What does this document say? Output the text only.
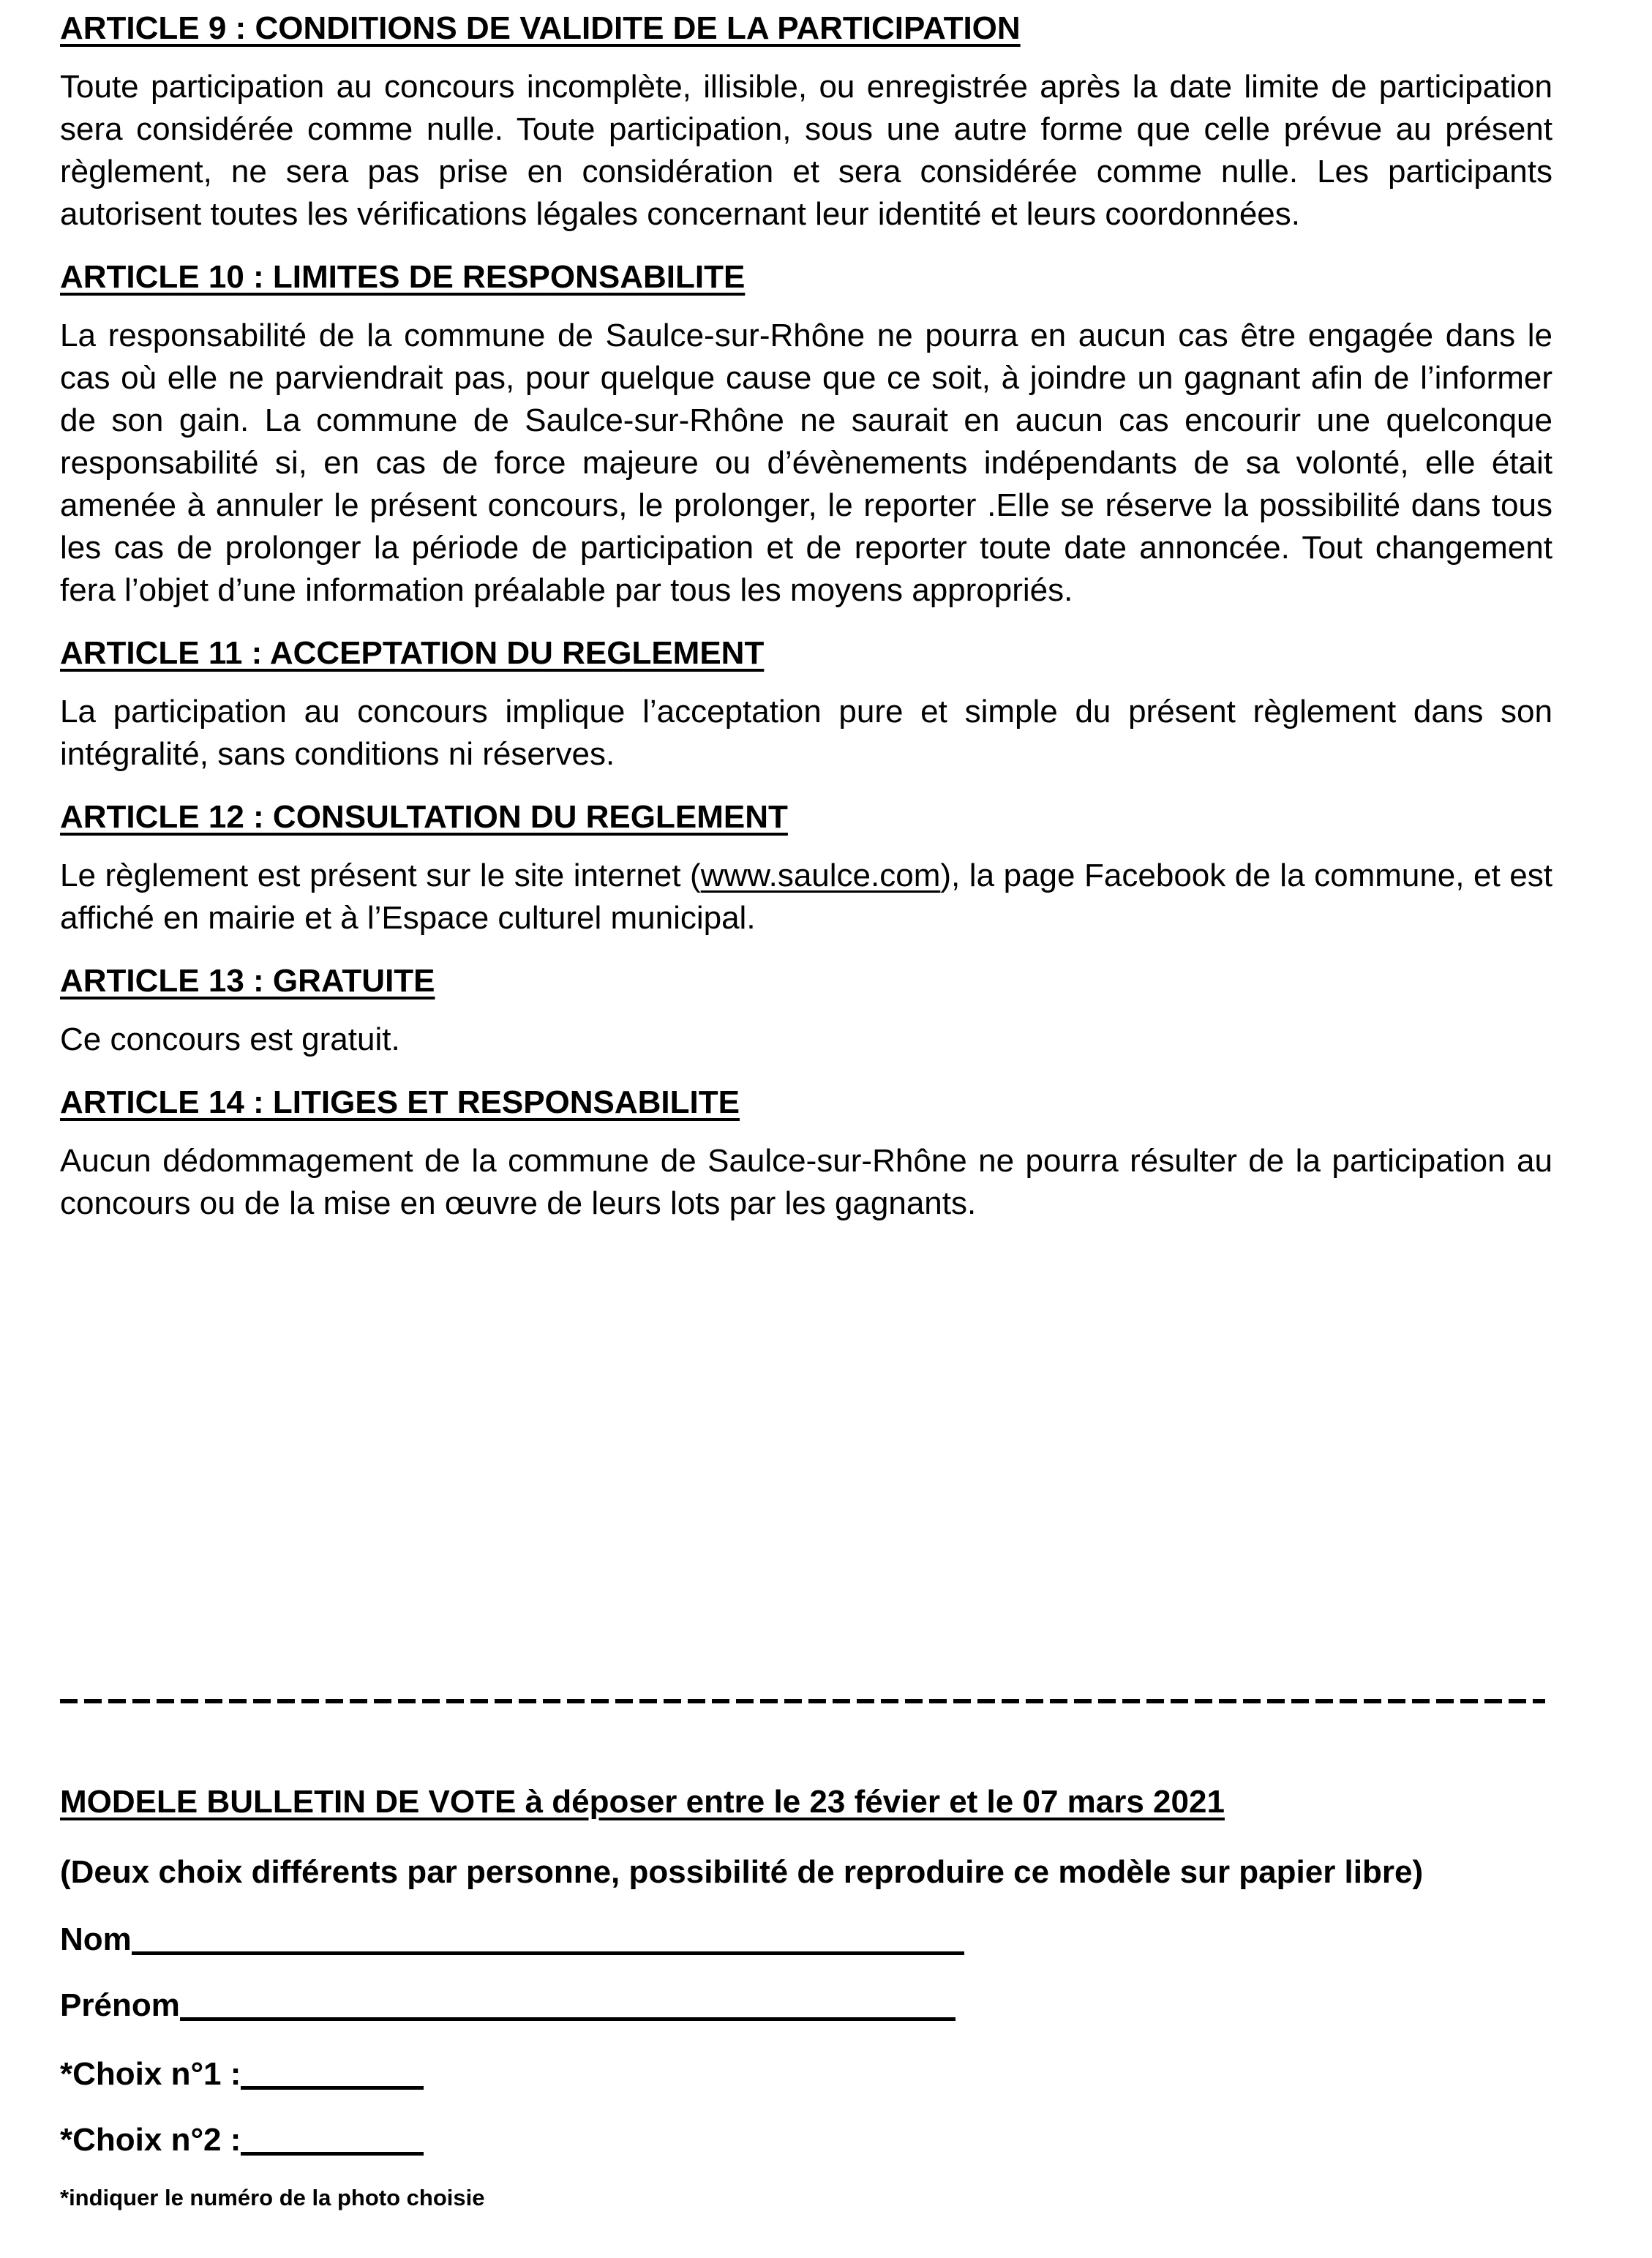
ARTICLE 9 : CONDITIONS DE VALIDITE DE LA PARTICIPATION

Toute participation au concours incomplète, illisible, ou enregistrée après la date limite de participation sera considérée comme nulle. Toute participation, sous une autre forme que celle prévue au présent règlement, ne sera pas prise en considération et sera considérée comme nulle. Les participants autorisent toutes les vérifications légales concernant leur identité et leurs coordonnées.

ARTICLE 10 : LIMITES DE RESPONSABILITE

La responsabilité de la commune de Saulce-sur-Rhône ne pourra en aucun cas être engagée dans le cas où elle ne parviendrait pas, pour quelque cause que ce soit, à joindre un gagnant afin de l’informer de son gain. La commune de Saulce-sur-Rhône ne saurait en aucun cas encourir une quelconque responsabilité si, en cas de force majeure ou d’évènements indépendants de sa volonté, elle était amenée à annuler le présent concours, le prolonger, le reporter .Elle se réserve la possibilité dans tous les cas de prolonger la période de participation et de reporter toute date annoncée. Tout changement fera l’objet d’une information préalable par tous les moyens appropriés.

ARTICLE 11 : ACCEPTATION DU REGLEMENT

La participation au concours implique l’acceptation pure et simple du présent règlement dans son intégralité, sans conditions ni réserves.

ARTICLE 12 : CONSULTATION DU REGLEMENT

Le règlement est présent sur le site internet (www.saulce.com), la page Facebook de la commune, et est affiché en mairie et à l’Espace culturel municipal.

ARTICLE 13 : GRATUITE

Ce concours est gratuit.

ARTICLE 14 : LITIGES ET RESPONSABILITE

Aucun dédommagement de la commune de Saulce-sur-Rhône ne pourra résulter de la participation au concours ou de la mise en œuvre de leurs lots par les gagnants.

MODELE BULLETIN DE VOTE à déposer entre le 23 févier et le 07 mars 2021
(Deux choix différents par personne, possibilité de reproduire ce modèle sur papier libre)
Nom
Prénom
*Choix n°1 :
*Choix n°2 :
*indiquer le numéro de la photo choisie
